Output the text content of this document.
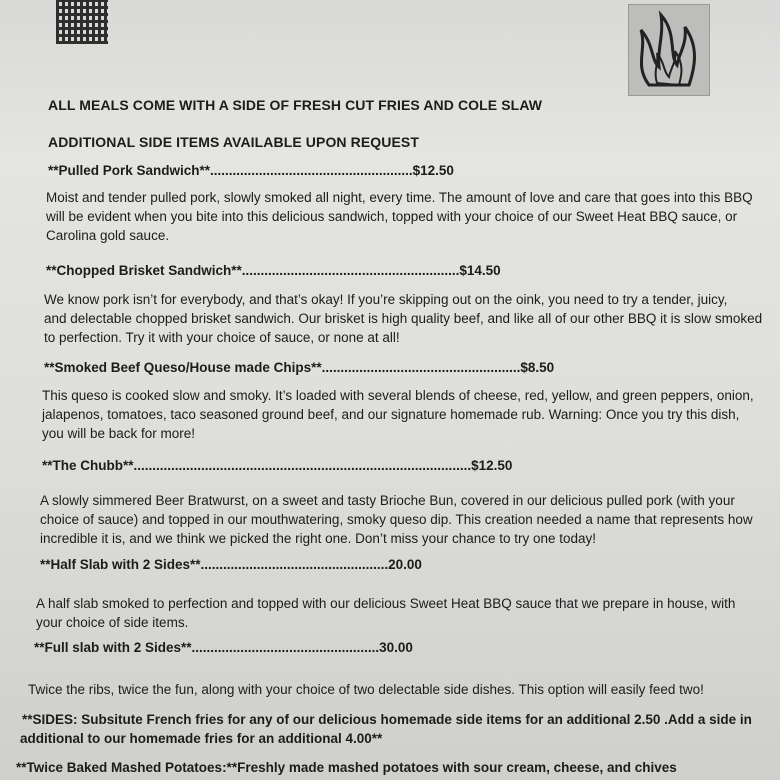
ALL MEALS COME WITH A SIDE OF FRESH CUT FRIES AND COLE SLAW
ADDITIONAL SIDE ITEMS AVAILABLE UPON REQUEST
**Pulled Pork Sandwich**......................................................$12.50
Moist and tender pulled pork, slowly smoked all night, every time. The amount of love and care that goes into this BBQ
will be evident when you bite into this delicious sandwich, topped with your choice of our Sweet Heat BBQ sauce, or
Carolina gold sauce.
**Chopped Brisket Sandwich**..........................................................$14.50
We know pork isn’t for everybody, and that’s okay! If you’re skipping out on the oink, you need to try a tender, juicy,
and delectable chopped brisket sandwich. Our brisket is high quality beef, and like all of our other BBQ it is slow smoked
to perfection. Try it with your choice of sauce, or none at all!
**Smoked Beef Queso/House made Chips**.....................................................$8.50
This queso is cooked slow and smoky. It’s loaded with several blends of cheese, red, yellow, and green peppers, onion,
jalapenos, tomatoes, taco seasoned ground beef, and our signature homemade rub. Warning: Once you try this dish,
you will be back for more!
**The Chubb**..........................................................................................$12.50
A slowly simmered Beer Bratwurst, on a sweet and tasty Brioche Bun, covered in our delicious pulled pork (with your
choice of sauce) and topped in our mouthwatering, smoky queso dip. This creation needed a name that represents how
incredible it is, and we think we picked the right one. Don’t miss your chance to try one today!
**Half Slab with 2 Sides**..................................................20.00
A half slab smoked to perfection and topped with our delicious Sweet Heat BBQ sauce that we prepare in house, with
your choice of side items.
**Full slab with 2 Sides**..................................................30.00
Twice the ribs, twice the fun, along with your choice of two delectable side dishes. This option will easily feed two!
**SIDES: Subsitute French fries for any of our delicious homemade side items for an additional 2.50 .Add a side in
additional to our homemade fries for an additional 4.00**
**Twice Baked Mashed Potatoes:**Freshly made mashed potatoes with sour cream, cheese, and chives
